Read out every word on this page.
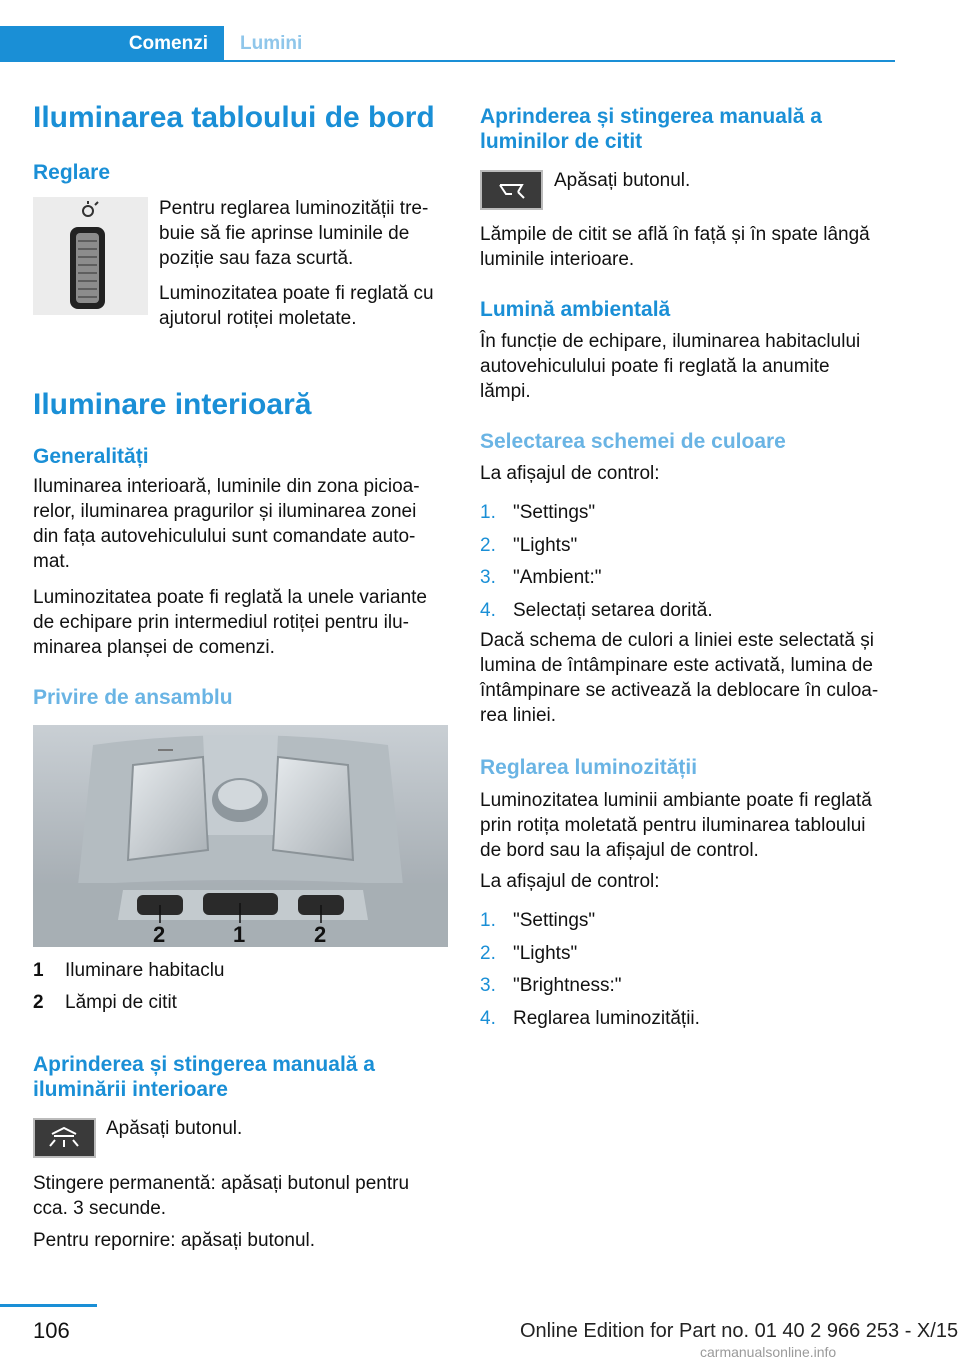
Comenzi	Lumini
Iluminarea tabloului de bord
Reglare
Pentru reglarea luminozității tre‐
buie să fie aprinse luminile de
poziție sau faza scurtă.
Luminozitatea poate fi reglată cu
ajutorul rotiței moletate.
Iluminare interioară
Generalități
Iluminarea interioară, luminile din zona picioa‐
relor, iluminarea pragurilor și iluminarea zonei
din fața autovehiculului sunt comandate auto‐
mat.
Luminozitatea poate fi reglată la unele variante
de echipare prin intermediul rotiței pentru ilu‐
minarea planșei de comenzi.
Privire de ansamblu
2	1	2
1 Iluminare habitaclu
2 Lămpi de citit
Aprinderea și stingerea manuală a
iluminării interioare
Apăsați butonul.
Stingere permanentă: apăsați butonul pentru
cca. 3 secunde.
Pentru repornire: apăsați butonul.
Aprinderea și stingerea manuală a
luminilor de citit
Apăsați butonul.
Lămpile de citit se află în față și în spate lângă
luminile interioare.
Lumină ambientală
În funcție de echipare, iluminarea habitaclului
autovehiculului poate fi reglată la anumite
lămpi.
Selectarea schemei de culoare
La afișajul de control:
1. "Settings"
2. "Lights"
3. "Ambient:"
4. Selectați setarea dorită.
Dacă schema de culori a liniei este selectată și
lumina de întâmpinare este activată, lumina de
întâmpinare se activează la deblocare în culoa‐
rea liniei.
Reglarea luminozității
Luminozitatea luminii ambiante poate fi reglată
prin rotița moletată pentru iluminarea tabloului
de bord sau la afișajul de control.
La afișajul de control:
1. "Settings"
2. "Lights"
3. "Brightness:"
4. Reglarea luminozității.
106	Online Edition for Part no. 01 40 2 966 253 - X/15
carmanualsonline.info
